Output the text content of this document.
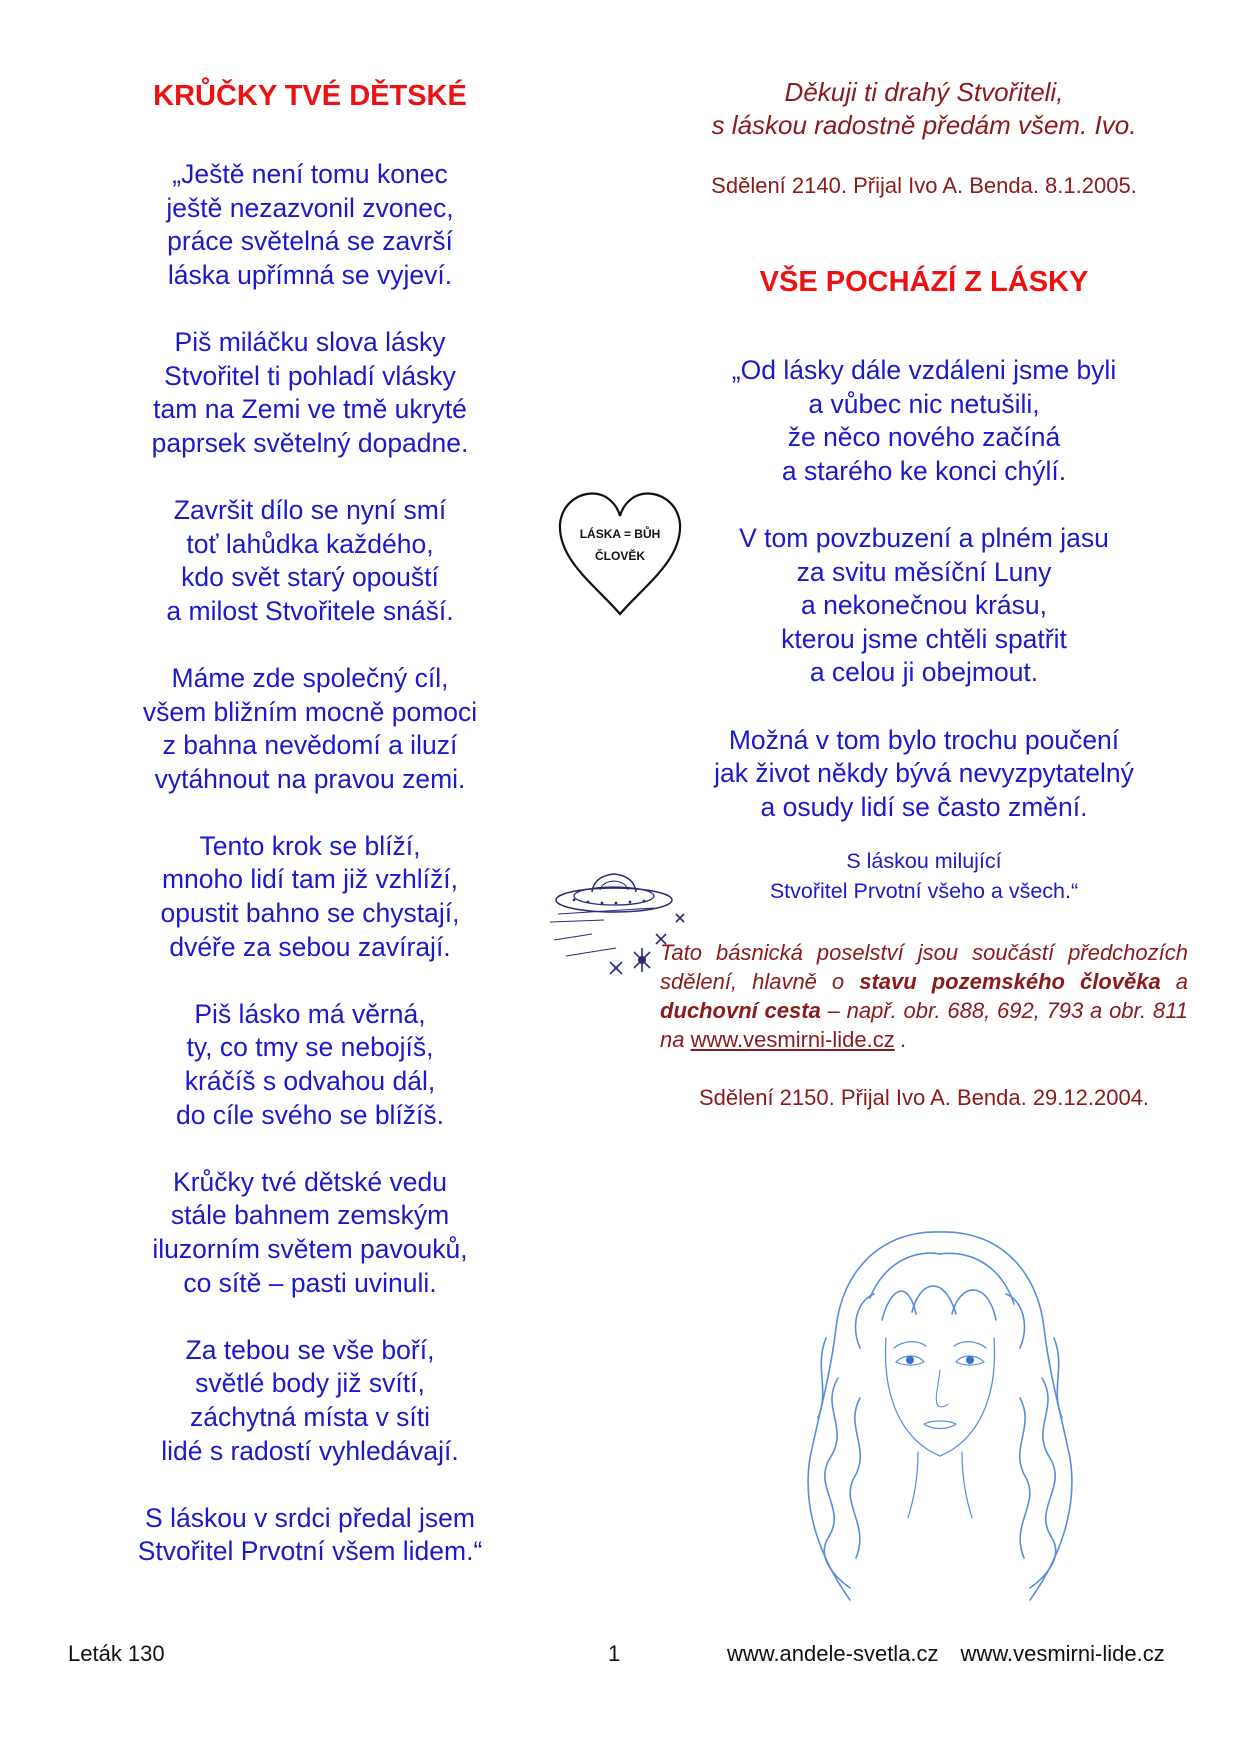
KRŮČKY TVÉ DĚTSKÉ
„Ještě není tomu konec
ještě nezazvonil zvonec,
práce světelná se završí
láska upřímná se vyjeví.
Piš miláčku slova lásky
Stvořitel ti pohladí vlásky
tam na Zemi ve tmě ukryté
paprsek světelný dopadne.
Završit dílo se nyní smí
toť lahůdka každého,
kdo svět starý opouští
a milost Stvořitele snáší.
Máme zde společný cíl,
všem bližním mocně pomoci
z bahna nevědomí a iluzí
vytáhnout na pravou zemi.
Tento krok se blíží,
mnoho lidí tam již vzhlíží,
opustit bahno se chystají,
dvéře za sebou zavírají.
Piš lásko má věrná,
ty, co tmy se nebojíš,
kráčíš s odvahou dál,
do cíle svého se blížíš.
Krůčky tvé dětské vedu
stále bahnem zemským
iluzorním světem pavouků,
co sítě – pasti uvinuli.
Za tebou se vše boří,
světlé body již svítí,
záchytná místa v síti
lidé s radostí vyhledávají.
S láskou v srdci předal jsem
Stvořitel Prvotní všem lidem.“
Děkuji ti drahý Stvořiteli,
s láskou radostně předám všem. Ivo.
Sdělení 2140. Přijal Ivo A. Benda. 8.1.2005.
VŠE POCHÁZÍ Z LÁSKY
„Od lásky dále vzdáleni jsme byli
a vůbec nic netušili,
že něco nového začíná
a starého ke konci chýlí.
V tom povzbuzení a plném jasu
za svitu měsíční Luny
a nekonečnou krásu,
kterou jsme chtěli spatřit
a celou ji obejmout.
Možná v tom bylo trochu poučení
jak život někdy bývá nevyzpytatelný
a osudy lidí se často změní.
S láskou milující
Stvořitel Prvotní všeho a všech.“
Tato básnická poselství jsou součástí předchozích sdělení, hlavně o stavu pozemského člověka a duchovní cesta – např. obr. 688, 692, 793 a obr. 811 na www.vesmirni-lide.cz .
Sdělení 2150. Přijal Ivo A. Benda. 29.12.2004.
LÁSKA = BŮH
ČLOVĚK
Leták 130	1	www.andele-svetla.cz www.vesmirni-lide.cz
